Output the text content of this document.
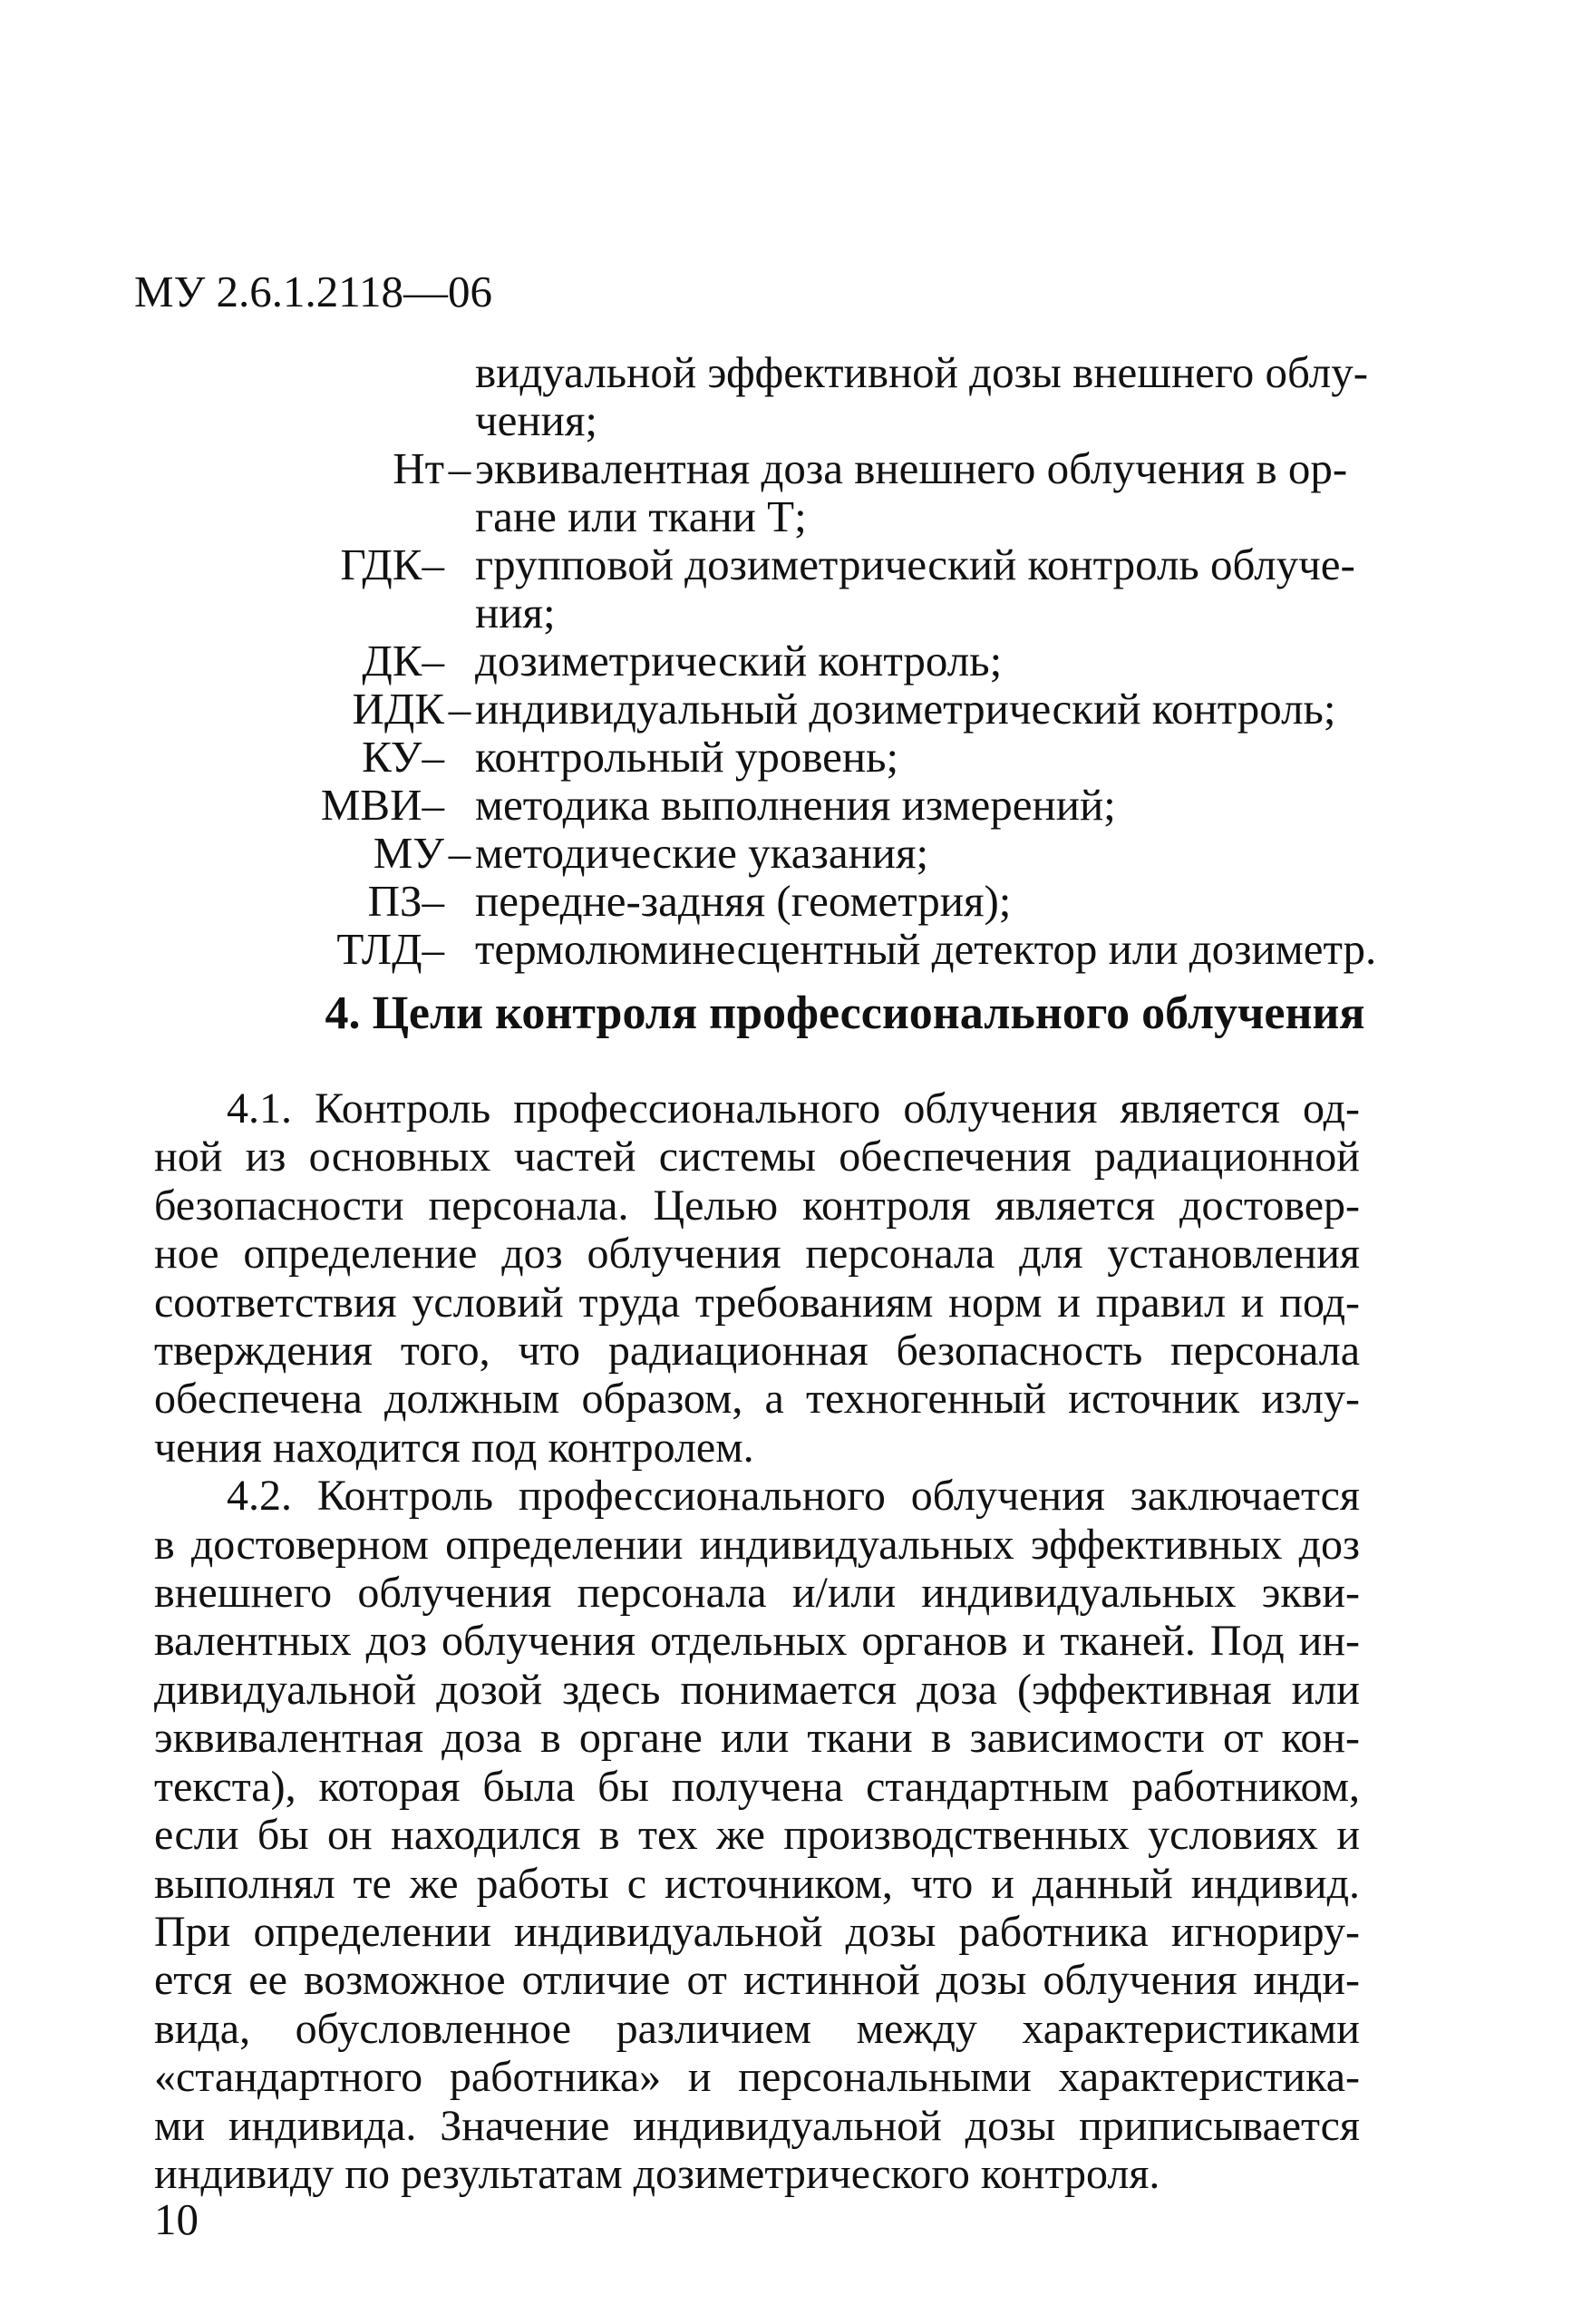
МУ 2.6.1.2118—06
видуальной эффективной дозы внешнего облу-
чения;
Hт – эквивалентная доза внешнего облучения в ор-
гане или ткани Т;
ГДК– групповой дозиметрический контроль облуче-
ния;
ДК– дозиметрический контроль;
ИДК – индивидуальный дозиметрический контроль;
КУ– контрольный уровень;
МВИ– методика выполнения измерений;
МУ – методические указания;
ПЗ– передне-задняя (геометрия);
ТЛД– термолюминесцентный детектор или дозиметр.
4. Цели контроля профессионального облучения
4.1. Контроль профессионального облучения является од-
ной из основных частей системы обеспечения радиационной
безопасности персонала. Целью контроля является достовер-
ное определение доз облучения персонала для установления
соответствия условий труда требованиям норм и правил и под-
тверждения того, что радиационная безопасность персонала
обеспечена должным образом, а техногенный источник излу-
чения находится под контролем.
4.2. Контроль профессионального облучения заключается
в достоверном определении индивидуальных эффективных доз
внешнего облучения персонала и/или индивидуальных экви-
валентных доз облучения отдельных органов и тканей. Под ин-
дивидуальной дозой здесь понимается доза (эффективная или
эквивалентная доза в органе или ткани в зависимости от кон-
текста), которая была бы получена стандартным работником,
если бы он находился в тех же производственных условиях и
выполнял те же работы с источником, что и данный индивид.
При определении индивидуальной дозы работника игнориру-
ется ее возможное отличие от истинной дозы облучения инди-
вида, обусловленное различием между характеристиками
«стандартного работника» и персональными характеристика-
ми индивида. Значение индивидуальной дозы приписывается
индивиду по результатам дозиметрического контроля.
10
